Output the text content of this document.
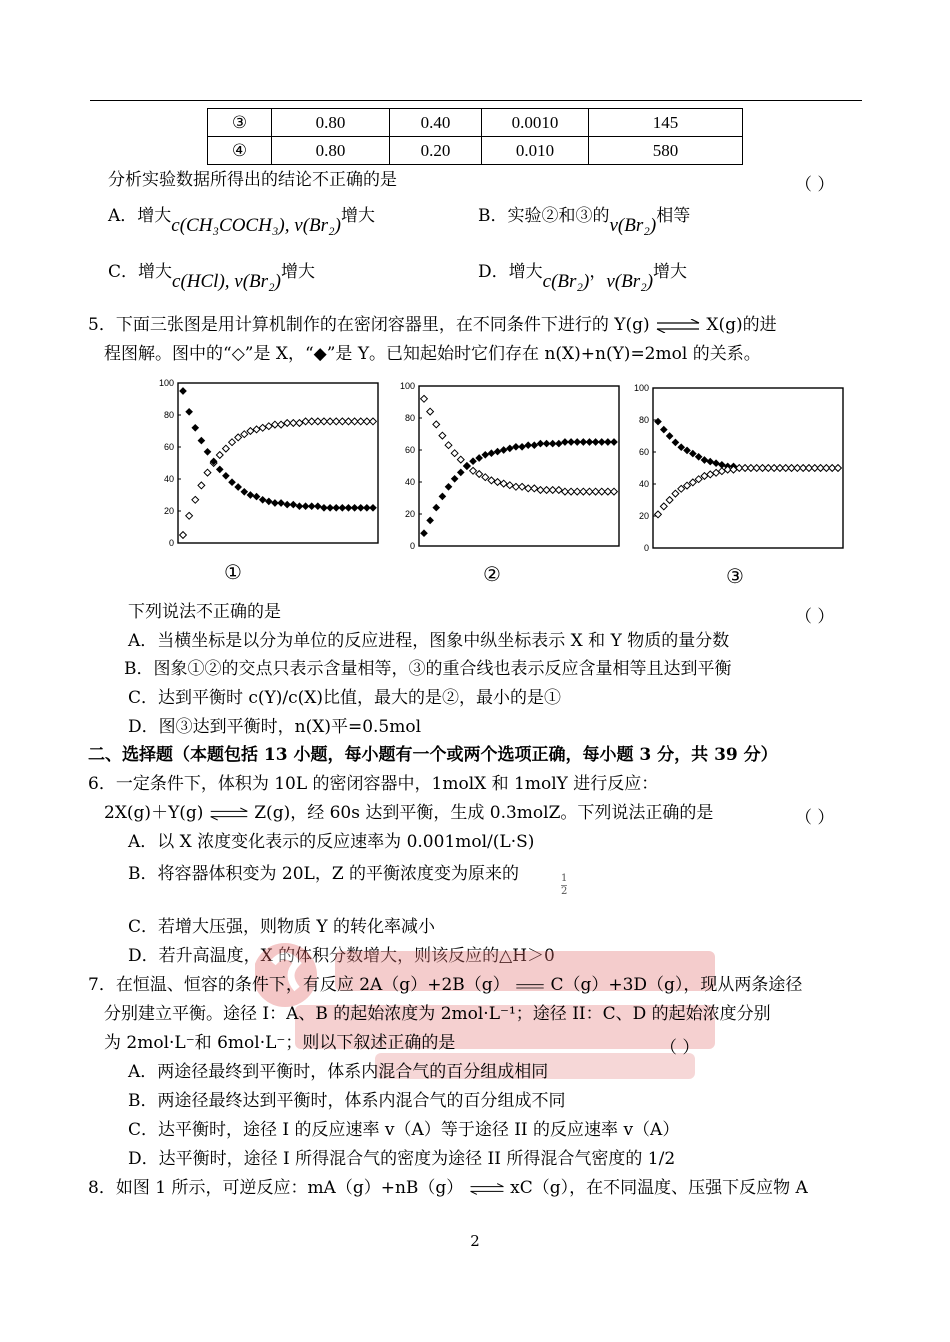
③	0.80	0.40	0.0010	145
④	0.80	0.20	0.010	580
分析实验数据所得出的结论不正确的是	（ ）
A．增大c(CH₃COCH₃), v(Br₂)增大	B．实验②和③的v(Br₂)相等
C．增大c(HCl), v(Br₂)增大	D．增大c(Br₂)，v(Br₂)增大
5．下面三张图是用计算机制作的在密闭容器里，在不同条件下进行的 Y(g) ⇌ X(g)的进
程图解。图中的“◇”是 X，“◆”是 Y。已知起始时它们存在 n(X)+n(Y)=2mol 的关系。
0
20
40
60
80
100
0
20
40
60
80
100
0
20
40
60
80
100
①	②	③
下列说法不正确的是	（ ）
A．当横坐标是以分为单位的反应进程，图象中纵坐标表示 X 和 Y 物质的量分数
B．图象①②的交点只表示含量相等，③的重合线也表示反应含量相等且达到平衡
C．达到平衡时 c(Y)/c(X)比值，最大的是②，最小的是①
D．图③达到平衡时，n(X)平=0.5mol
二、选择题（本题包括 13 小题，每小题有一个或两个选项正确，每小题 3 分，共 39 分）
6．一定条件下，体积为 10L 的密闭容器中，1molX 和 1molY 进行反应：
2X(g)＋Y(g) ⇌ Z(g)，经 60s 达到平衡，生成 0.3molZ。下列说法正确的是	（ ）
A．以 X 浓度变化表示的反应速率为 0.001mol/(L·S)
B．将容器体积变为 20L，Z 的平衡浓度变为原来的	$\frac{1}{2}$
C．若增大压强，则物质 Y 的转化率减小
D．若升高温度，X 的体积分数增大，则该反应的△H＞0
7．在恒温、恒容的条件下，有反应 2A（g）+2B（g） C（g）+3D（g），现从两条途径
分别建立平衡。途径 I：A、B 的起始浓度为 2mol·L⁻¹；途径 II：C、D 的起始浓度分别
为 2mol·L⁻和 6mol·L⁻；则以下叙述正确的是	（ ）
A．两途径最终到平衡时，体系内混合气的百分组成相同
B．两途径最终达到平衡时，体系内混合气的百分组成不同
C．达平衡时，途径 I 的反应速率 v（A）等于途径 II 的反应速率 v（A）
D．达平衡时，途径 I 所得混合气的密度为途径 II 所得混合气密度的 1/2
8．如图 1 所示，可逆反应：mA（g）+nB（g） ⇌ xC（g），在不同温度、压强下反应物 A
2
